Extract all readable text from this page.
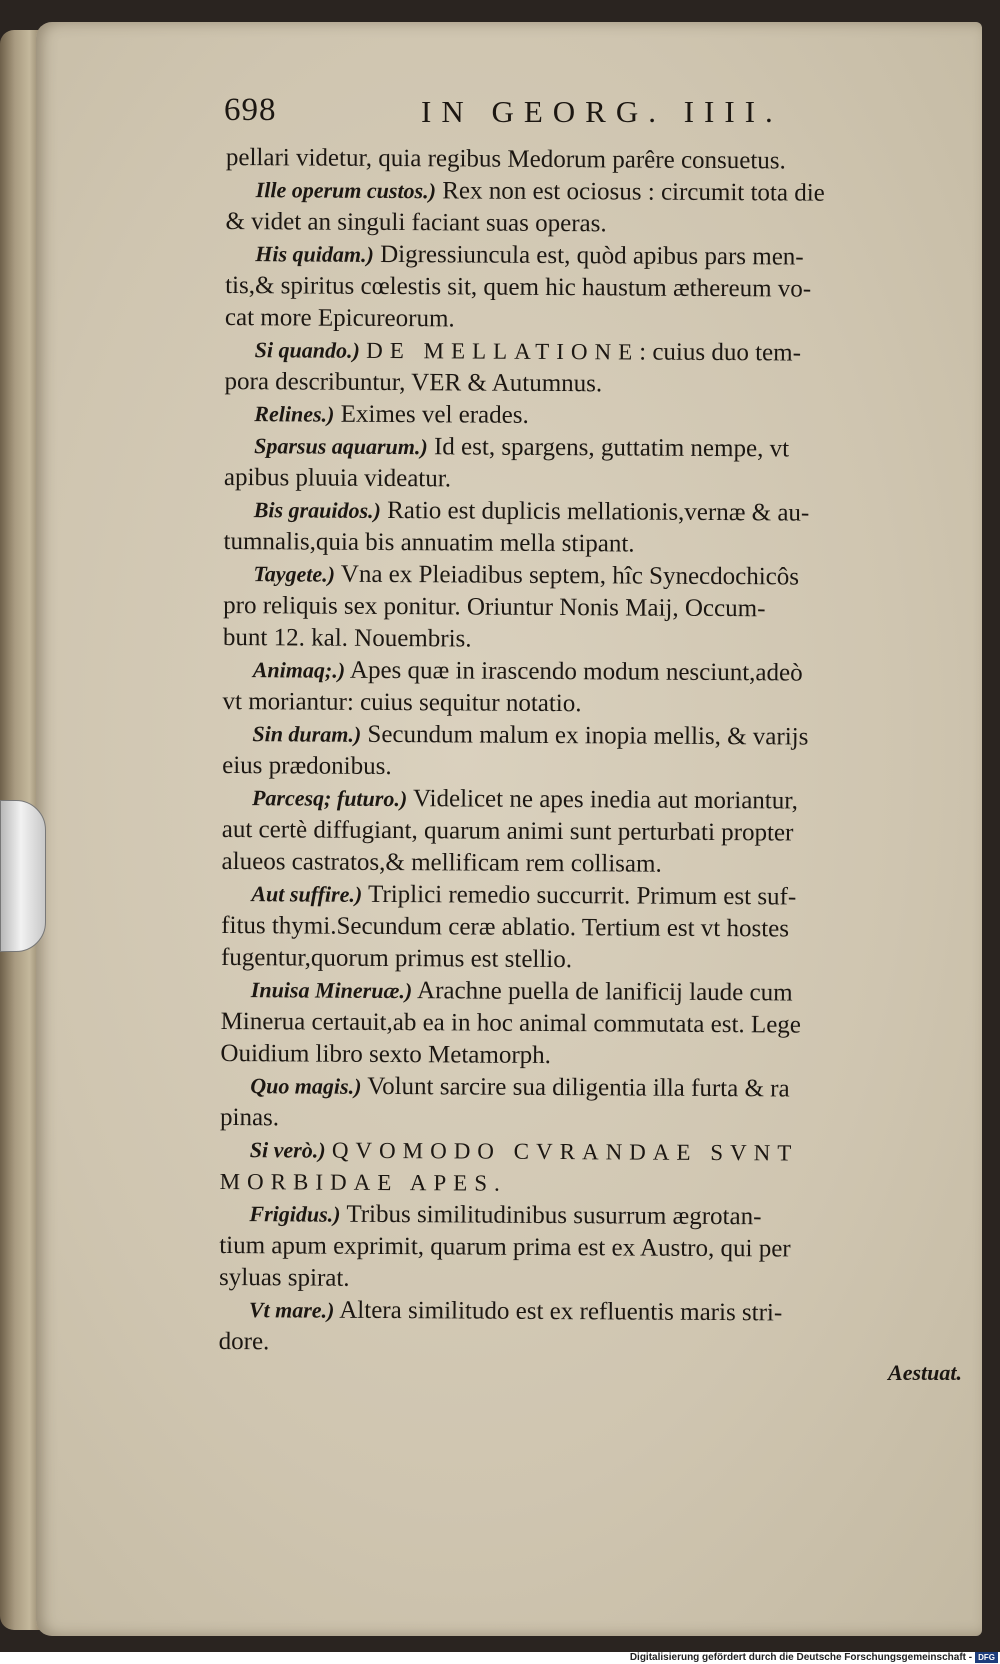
698	IN GEORG. IIII.

pellari videtur, quia regibus Medorum parêre consuetus.

Ille operum custos.) Rex non est ociosus : circumit tota die

& videt an singuli faciant suas operas.

His quidam.) Digressiuncula est, quòd apibus pars men-

tis,& spiritus cœlestis sit, quem hic haustum æthereum vo-

cat more Epicureorum.

Si quando.) DE MELLATIONE: cuius duo tem-

pora describuntur, VER & Autumnus.

Relines.) Eximes vel erades.

Sparsus aquarum.) Id est, spargens, guttatim nempe, vt

apibus pluuia videatur.

Bis grauidos.) Ratio est duplicis mellationis,vernæ & au-

tumnalis,quia bis annuatim mella stipant.

Taygete.) Vna ex Pleiadibus septem, hîc Synecdochicôs

pro reliquis sex ponitur. Oriuntur Nonis Maij, Occum-

bunt 12. kal. Nouembris.

Animaq;.) Apes quæ in irascendo modum nesciunt,adeò

vt moriantur: cuius sequitur notatio.

Sin duram.) Secundum malum ex inopia mellis, & varijs

eius prædonibus.

Parcesq; futuro.) Videlicet ne apes inedia aut moriantur,

aut certè diffugiant, quarum animi sunt perturbati propter

alueos castratos,& mellificam rem collisam.

Aut suffire.) Triplici remedio succurrit. Primum est suf-

fitus thymi.Secundum ceræ ablatio. Tertium est vt hostes

fugentur,quorum primus est stellio.

Inuisa Mineruæ.) Arachne puella de lanificij laude cum

Minerua certauit,ab ea in hoc animal commutata est. Lege

Ouidium libro sexto Metamorph.

Quo magis.) Volunt sarcire sua diligentia illa furta & ra

pinas.

Si verò.) QVOMODO CVRANDAE SVNT

MORBIDAE APES.

Frigidus.) Tribus similitudinibus susurrum ægrotan-

tium apum exprimit, quarum prima est ex Austro, qui per

syluas spirat.

Vt mare.) Altera similitudo est ex refluentis maris stri-

dore.

Aestuat.
Digitalisierung gefördert durch die Deutsche Forschungsgemeinschaft - DFG
